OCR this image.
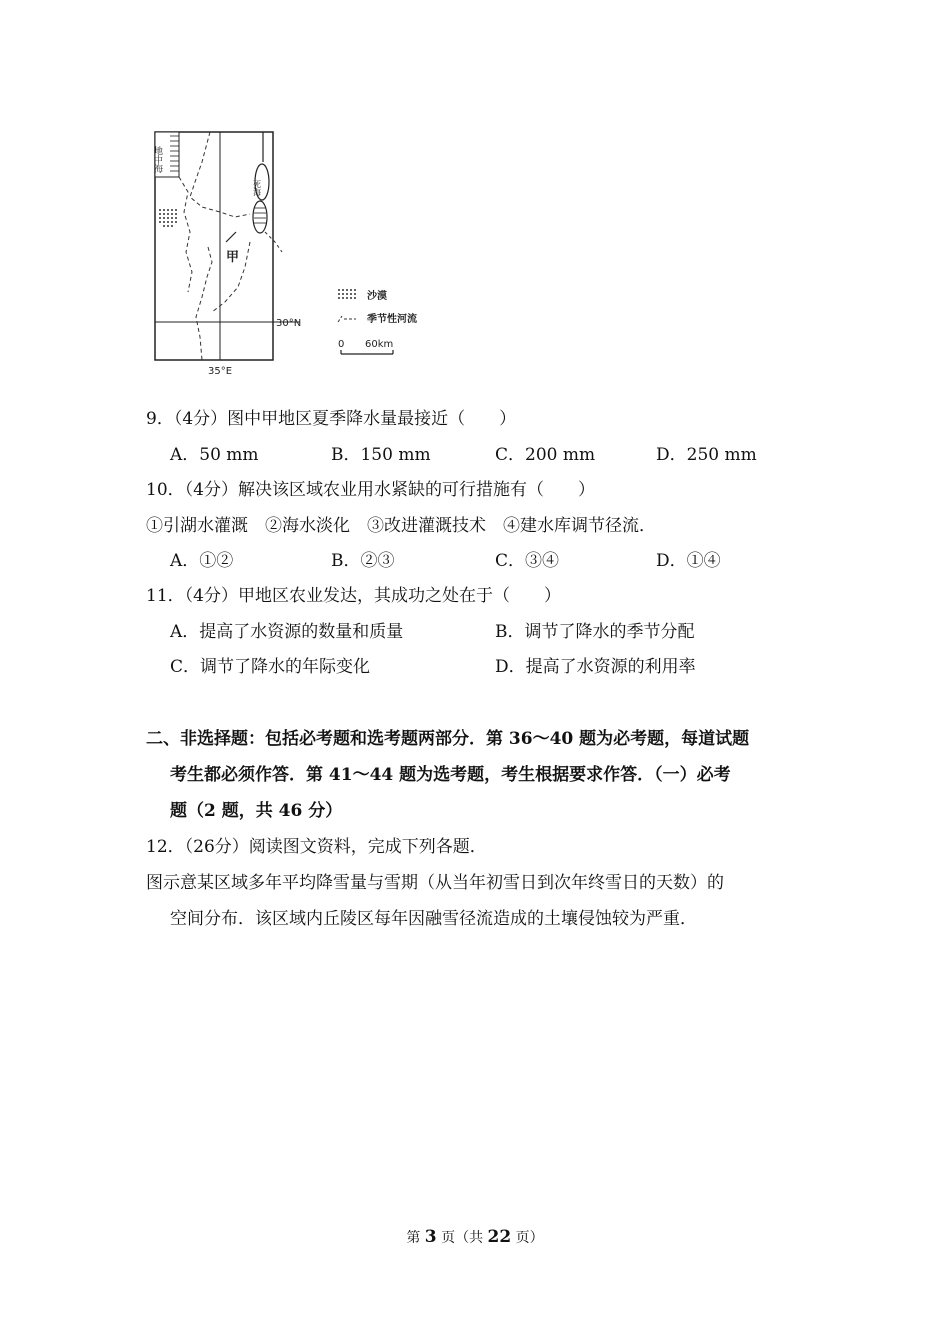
地中海
死海
甲
30°N
35°E
沙漠
季节性河流
0 60km
9．（4分）图中甲地区夏季降水量最接近（　　）
A．50 mm	B．150 mm	C．200 mm	D．250 mm
10．（4分）解决该区域农业用水紧缺的可行措施有（　　）
①引湖水灌溉　②海水淡化　③改进灌溉技术　④建水库调节径流．
A．①②	B．②③	C．③④	D．①④
11．（4分）甲地区农业发达，其成功之处在于（　　）
A．提高了水资源的数量和质量	B．调节了降水的季节分配
C．调节了降水的年际变化	D．提高了水资源的利用率
二、非选择题：包括必考题和选考题两部分．第 36～40 题为必考题，每道试题
考生都必须作答．第 41～44 题为选考题，考生根据要求作答．（一）必考
题（2 题，共 46 分）
12．（26分）阅读图文资料，完成下列各题．
图示意某区域多年平均降雪量与雪期（从当年初雪日到次年终雪日的天数）的
空间分布．该区域内丘陵区每年因融雪径流造成的土壤侵蚀较为严重．
第 3 页（共 22 页）
